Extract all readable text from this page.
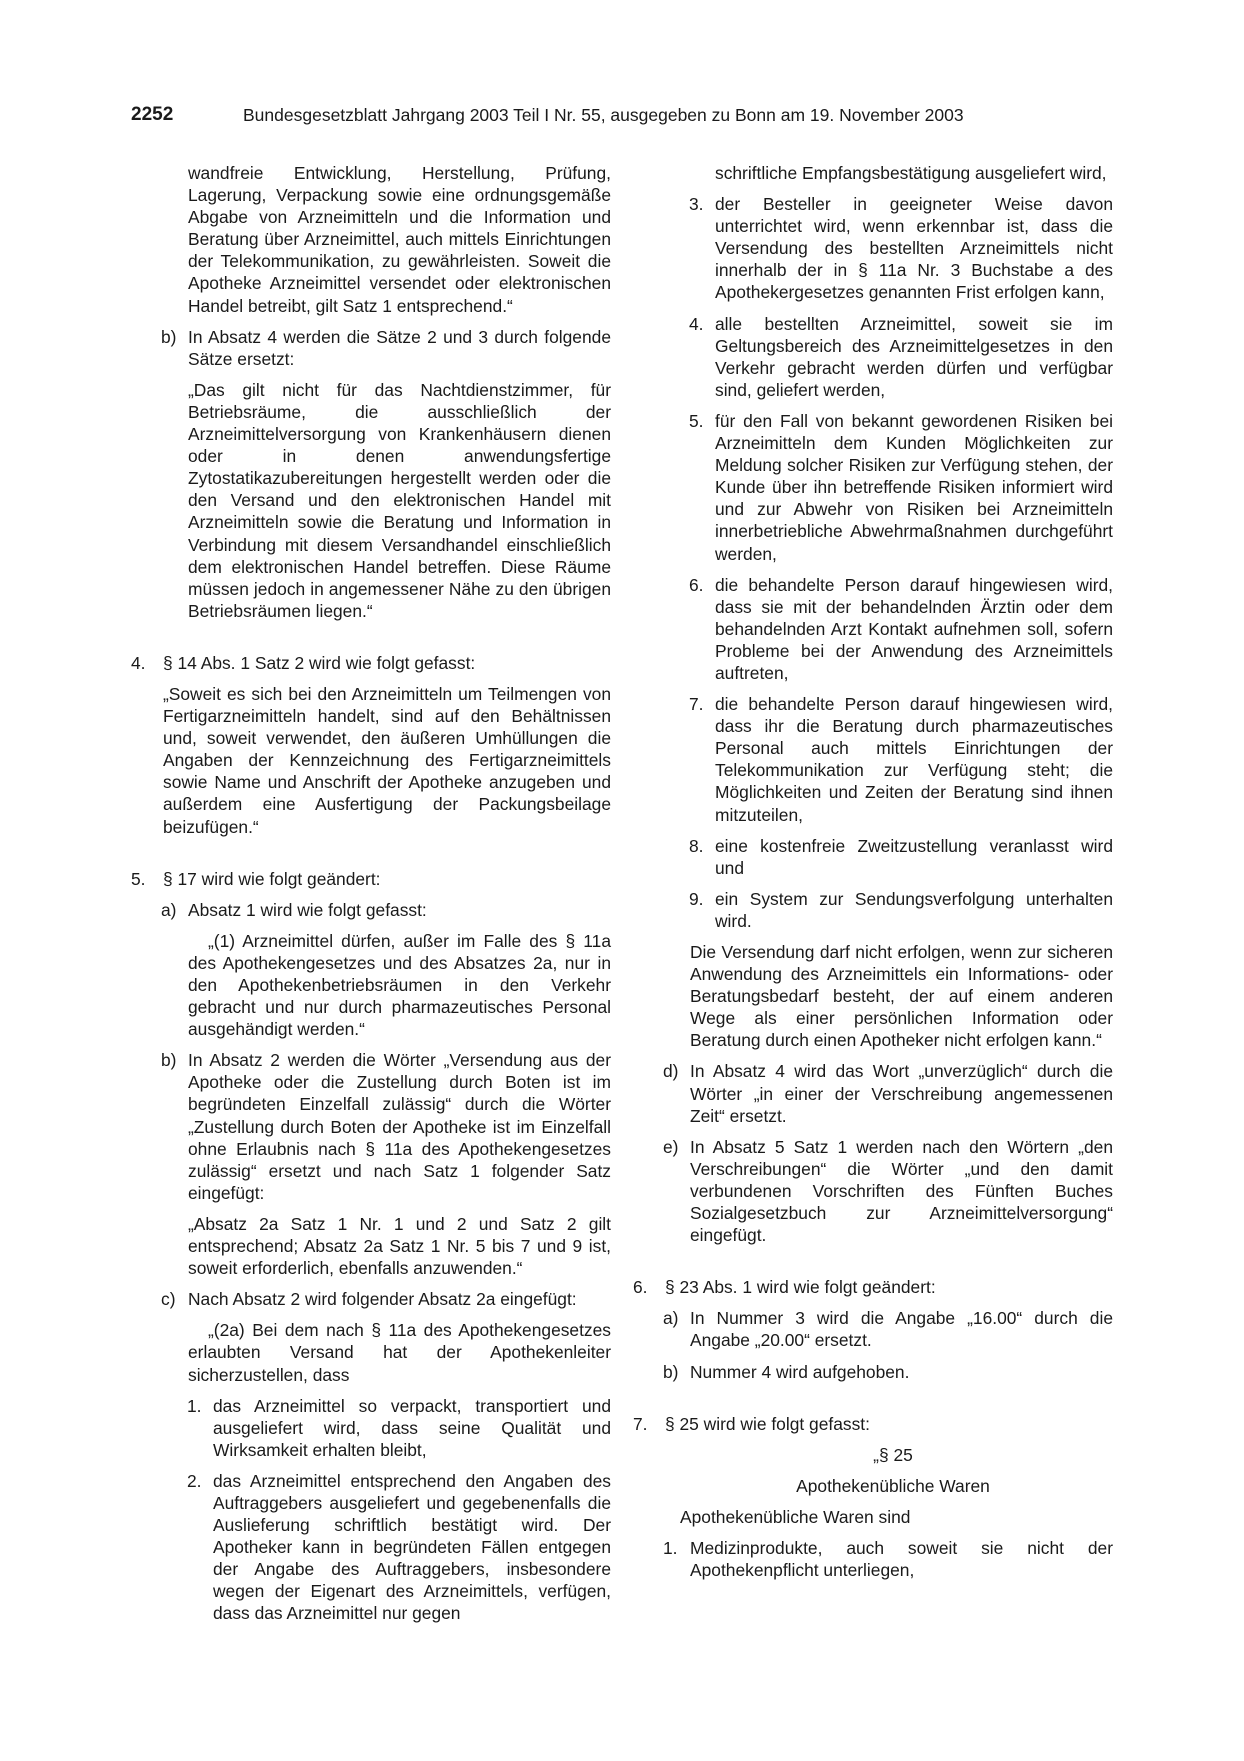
2252	Bundesgesetzblatt Jahrgang 2003 Teil I Nr. 55, ausgegeben zu Bonn am 19. November 2003

wandfreie Entwicklung, Herstellung, Prüfung, Lagerung, Verpackung sowie eine ordnungsgemäße Abgabe von Arzneimitteln und die Information und Beratung über Arzneimittel, auch mittels Einrichtungen der Telekommunikation, zu gewährleisten. Soweit die Apotheke Arzneimittel versendet oder elektronischen Handel betreibt, gilt Satz 1 entsprechend.“

b) In Absatz 4 werden die Sätze 2 und 3 durch folgende Sätze ersetzt:

„Das gilt nicht für das Nachtdienstzimmer, für Betriebsräume, die ausschließlich der Arzneimittelversorgung von Krankenhäusern dienen oder in denen anwendungsfertige Zytostatikazubereitungen hergestellt werden oder die den Versand und den elektronischen Handel mit Arzneimitteln sowie die Beratung und Information in Verbindung mit diesem Versandhandel einschließlich dem elektronischen Handel betreffen. Diese Räume müssen jedoch in angemessener Nähe zu den übrigen Betriebsräumen liegen.“

4. § 14 Abs. 1 Satz 2 wird wie folgt gefasst:

„Soweit es sich bei den Arzneimitteln um Teilmengen von Fertigarzneimitteln handelt, sind auf den Behältnissen und, soweit verwendet, den äußeren Umhüllungen die Angaben der Kennzeichnung des Fertigarzneimittels sowie Name und Anschrift der Apotheke anzugeben und außerdem eine Ausfertigung der Packungsbeilage beizufügen.“

5. § 17 wird wie folgt geändert:

a) Absatz 1 wird wie folgt gefasst:

„(1) Arzneimittel dürfen, außer im Falle des § 11a des Apothekengesetzes und des Absatzes 2a, nur in den Apothekenbetriebsräumen in den Verkehr gebracht und nur durch pharmazeutisches Personal ausgehändigt werden.“

b) In Absatz 2 werden die Wörter „Versendung aus der Apotheke oder die Zustellung durch Boten ist im begründeten Einzelfall zulässig“ durch die Wörter „Zustellung durch Boten der Apotheke ist im Einzelfall ohne Erlaubnis nach § 11a des Apothekengesetzes zulässig“ ersetzt und nach Satz 1 folgender Satz eingefügt:

„Absatz 2a Satz 1 Nr. 1 und 2 und Satz 2 gilt entsprechend; Absatz 2a Satz 1 Nr. 5 bis 7 und 9 ist, soweit erforderlich, ebenfalls anzuwenden.“

c) Nach Absatz 2 wird folgender Absatz 2a eingefügt:

„(2a) Bei dem nach § 11a des Apothekengesetzes erlaubten Versand hat der Apothekenleiter sicherzustellen, dass

1. das Arzneimittel so verpackt, transportiert und ausgeliefert wird, dass seine Qualität und Wirksamkeit erhalten bleibt,

2. das Arzneimittel entsprechend den Angaben des Auftraggebers ausgeliefert und gegebenenfalls die Auslieferung schriftlich bestätigt wird. Der Apotheker kann in begründeten Fällen entgegen der Angabe des Auftraggebers, insbesondere wegen der Eigenart des Arzneimittels, verfügen, dass das Arzneimittel nur gegen

schriftliche Empfangsbestätigung ausgeliefert wird,

3. der Besteller in geeigneter Weise davon unterrichtet wird, wenn erkennbar ist, dass die Versendung des bestellten Arzneimittels nicht innerhalb der in § 11a Nr. 3 Buchstabe a des Apothekergesetzes genannten Frist erfolgen kann,

4. alle bestellten Arzneimittel, soweit sie im Geltungsbereich des Arzneimittelgesetzes in den Verkehr gebracht werden dürfen und verfügbar sind, geliefert werden,

5. für den Fall von bekannt gewordenen Risiken bei Arzneimitteln dem Kunden Möglichkeiten zur Meldung solcher Risiken zur Verfügung stehen, der Kunde über ihn betreffende Risiken informiert wird und zur Abwehr von Risiken bei Arzneimitteln innerbetriebliche Abwehrmaßnahmen durchgeführt werden,

6. die behandelte Person darauf hingewiesen wird, dass sie mit der behandelnden Ärztin oder dem behandelnden Arzt Kontakt aufnehmen soll, sofern Probleme bei der Anwendung des Arzneimittels auftreten,

7. die behandelte Person darauf hingewiesen wird, dass ihr die Beratung durch pharmazeutisches Personal auch mittels Einrichtungen der Telekommunikation zur Verfügung steht; die Möglichkeiten und Zeiten der Beratung sind ihnen mitzuteilen,

8. eine kostenfreie Zweitzustellung veranlasst wird und

9. ein System zur Sendungsverfolgung unterhalten wird.

Die Versendung darf nicht erfolgen, wenn zur sicheren Anwendung des Arzneimittels ein Informations- oder Beratungsbedarf besteht, der auf einem anderen Wege als einer persönlichen Information oder Beratung durch einen Apotheker nicht erfolgen kann.“

d) In Absatz 4 wird das Wort „unverzüglich“ durch die Wörter „in einer der Verschreibung angemessenen Zeit“ ersetzt.

e) In Absatz 5 Satz 1 werden nach den Wörtern „den Verschreibungen“ die Wörter „und den damit verbundenen Vorschriften des Fünften Buches Sozialgesetzbuch zur Arzneimittelversorgung“ eingefügt.

6. § 23 Abs. 1 wird wie folgt geändert:

a) In Nummer 3 wird die Angabe „16.00“ durch die Angabe „20.00“ ersetzt.

b) Nummer 4 wird aufgehoben.

7. § 25 wird wie folgt gefasst:

„§ 25

Apothekenübliche Waren

Apothekenübliche Waren sind

1. Medizinprodukte, auch soweit sie nicht der Apothekenpflicht unterliegen,
